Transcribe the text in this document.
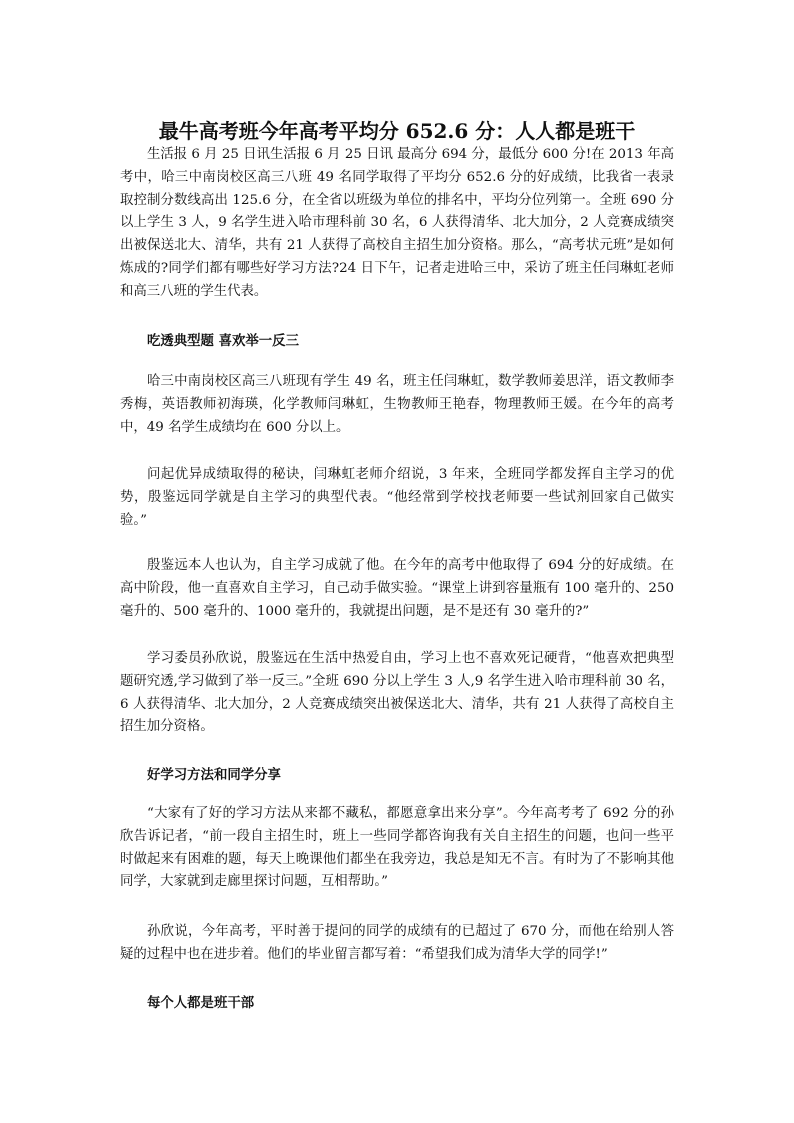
最牛高考班今年高考平均分 652.6 分：人人都是班干

生活报 6 月 25 日讯生活报 6 月 25 日讯 最高分 694 分，最低分 600 分!在 2013 年高考中，哈三中南岗校区高三八班 49 名同学取得了平均分 652.6 分的好成绩，比我省一表录取控制分数线高出 125.6 分，在全省以班级为单位的排名中，平均分位列第一。全班 690 分以上学生 3 人，9 名学生进入哈市理科前 30 名，6 人获得清华、北大加分，2 人竞赛成绩突出被保送北大、清华，共有 21 人获得了高校自主招生加分资格。那么，“高考状元班”是如何炼成的?同学们都有哪些好学习方法?24 日下午，记者走进哈三中，采访了班主任闫琳虹老师和高三八班的学生代表。

吃透典型题 喜欢举一反三

哈三中南岗校区高三八班现有学生 49 名，班主任闫琳虹，数学教师姜思洋，语文教师李秀梅，英语教师初海瑛，化学教师闫琳虹，生物教师王艳春，物理教师王媛。在今年的高考中，49 名学生成绩均在 600 分以上。

问起优异成绩取得的秘诀，闫琳虹老师介绍说，3 年来，全班同学都发挥自主学习的优势，殷鉴远同学就是自主学习的典型代表。“他经常到学校找老师要一些试剂回家自己做实验。”

殷鉴远本人也认为，自主学习成就了他。在今年的高考中他取得了 694 分的好成绩。在高中阶段，他一直喜欢自主学习，自己动手做实验。“课堂上讲到容量瓶有 100 毫升的、250 毫升的、500 毫升的、1000 毫升的，我就提出问题，是不是还有 30 毫升的?”

学习委员孙欣说，殷鉴远在生活中热爱自由，学习上也不喜欢死记硬背，“他喜欢把典型题研究透,学习做到了举一反三。”全班 690 分以上学生 3 人,9 名学生进入哈市理科前 30 名，6 人获得清华、北大加分，2 人竞赛成绩突出被保送北大、清华，共有 21 人获得了高校自主招生加分资格。

好学习方法和同学分享

“大家有了好的学习方法从来都不藏私，都愿意拿出来分享”。今年高考考了 692 分的孙欣告诉记者，“前一段自主招生时，班上一些同学都咨询我有关自主招生的问题，也问一些平时做起来有困难的题，每天上晚课他们都坐在我旁边，我总是知无不言。有时为了不影响其他同学，大家就到走廊里探讨问题，互相帮助。”

孙欣说，今年高考，平时善于提问的同学的成绩有的已超过了 670 分，而他在给别人答疑的过程中也在进步着。他们的毕业留言都写着：“希望我们成为清华大学的同学!”

每个人都是班干部
